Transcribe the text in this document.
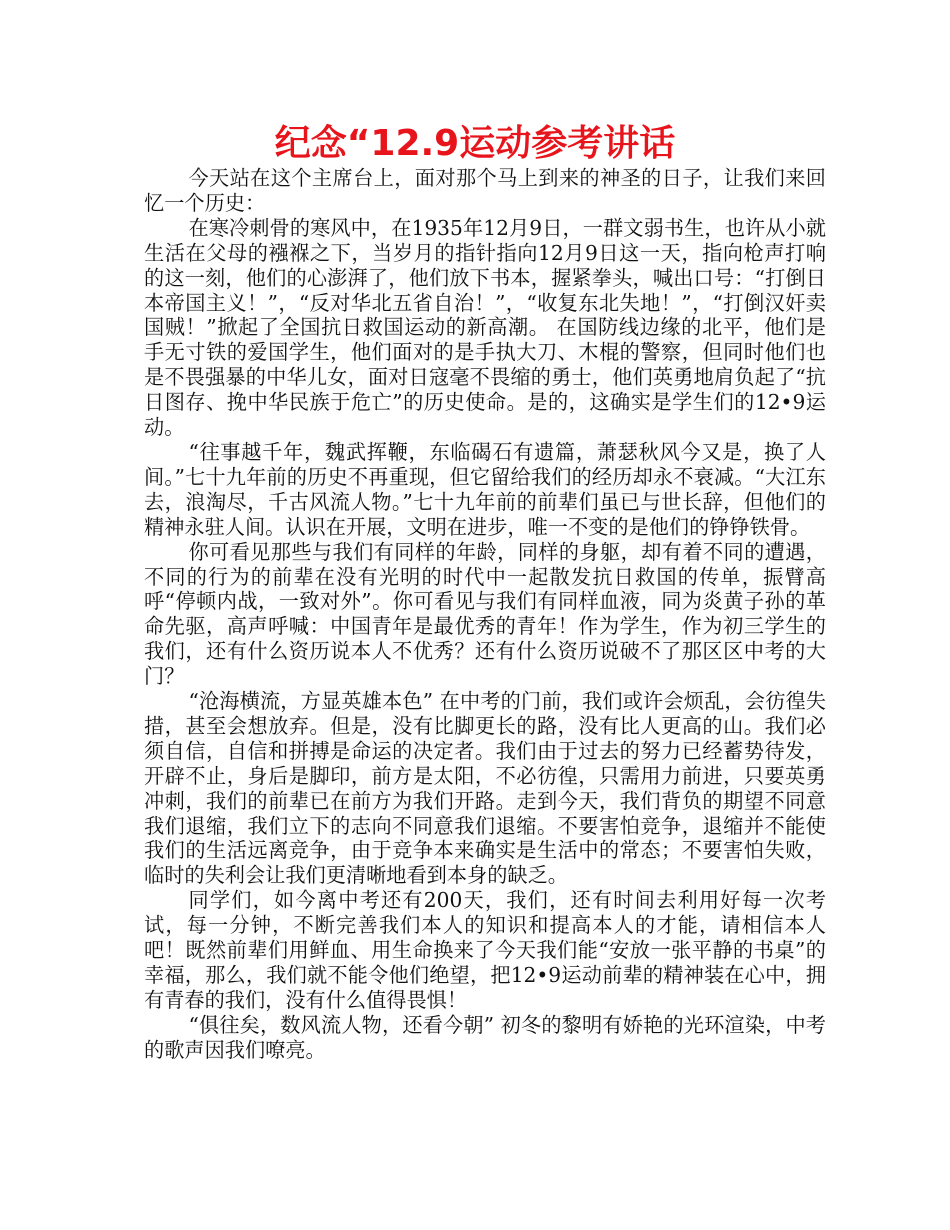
纪念“12.9运动参考讲话

今天站在这个主席台上，面对那个马上到来的神圣的日子，让我们来回忆一个历史：

在寒冷刺骨的寒风中，在1935年12月9日，一群文弱书生，也许从小就生活在父母的襁褓之下，当岁月的指针指向12月9日这一天，指向枪声打响的这一刻，他们的心澎湃了，他们放下书本，握紧拳头，喊出口号：“打倒日本帝国主义！”，“反对华北五省自治！”，“收复东北失地！”，“打倒汉奸卖国贼！”掀起了全国抗日救国运动的新高潮。 在国防线边缘的北平，他们是手无寸铁的爱国学生，他们面对的是手执大刀、木棍的警察，但同时他们也是不畏强暴的中华儿女，面对日寇毫不畏缩的勇士，他们英勇地肩负起了“抗日图存、挽中华民族于危亡”的历史使命。是的，这确实是学生们的12•9运动。

“往事越千年，魏武挥鞭，东临碣石有遗篇，萧瑟秋风今又是，换了人间。”七十九年前的历史不再重现，但它留给我们的经历却永不衰减。“大江东去，浪淘尽，千古风流人物。”七十九年前的前辈们虽已与世长辞，但他们的精神永驻人间。认识在开展，文明在进步，唯一不变的是他们的铮铮铁骨。

你可看见那些与我们有同样的年龄，同样的身躯，却有着不同的遭遇，不同的行为的前辈在没有光明的时代中一起散发抗日救国的传单，振臂高呼“停顿内战，一致对外”。你可看见与我们有同样血液，同为炎黄子孙的革命先驱，高声呼喊：中国青年是最优秀的青年！作为学生，作为初三学生的我们，还有什么资历说本人不优秀？还有什么资历说破不了那区区中考的大门？

“沧海横流，方显英雄本色” 在中考的门前，我们或许会烦乱，会彷徨失措，甚至会想放弃。但是，没有比脚更长的路，没有比人更高的山。我们必须自信，自信和拼搏是命运的决定者。我们由于过去的努力已经蓄势待发，开辟不止，身后是脚印，前方是太阳，不必彷徨，只需用力前进，只要英勇冲刺，我们的前辈已在前方为我们开路。走到今天，我们背负的期望不同意我们退缩，我们立下的志向不同意我们退缩。不要害怕竞争，退缩并不能使我们的生活远离竞争，由于竞争本来确实是生活中的常态；不要害怕失败，临时的失利会让我们更清晰地看到本身的缺乏。

同学们，如今离中考还有200天，我们，还有时间去利用好每一次考试，每一分钟，不断完善我们本人的知识和提高本人的才能，请相信本人吧！既然前辈们用鲜血、用生命换来了今天我们能“安放一张平静的书桌”的幸福，那么，我们就不能令他们绝望，把12•9运动前辈的精神装在心中，拥有青春的我们，没有什么值得畏惧！

“俱往矣，数风流人物，还看今朝” 初冬的黎明有娇艳的光环渲染，中考的歌声因我们嘹亮。
